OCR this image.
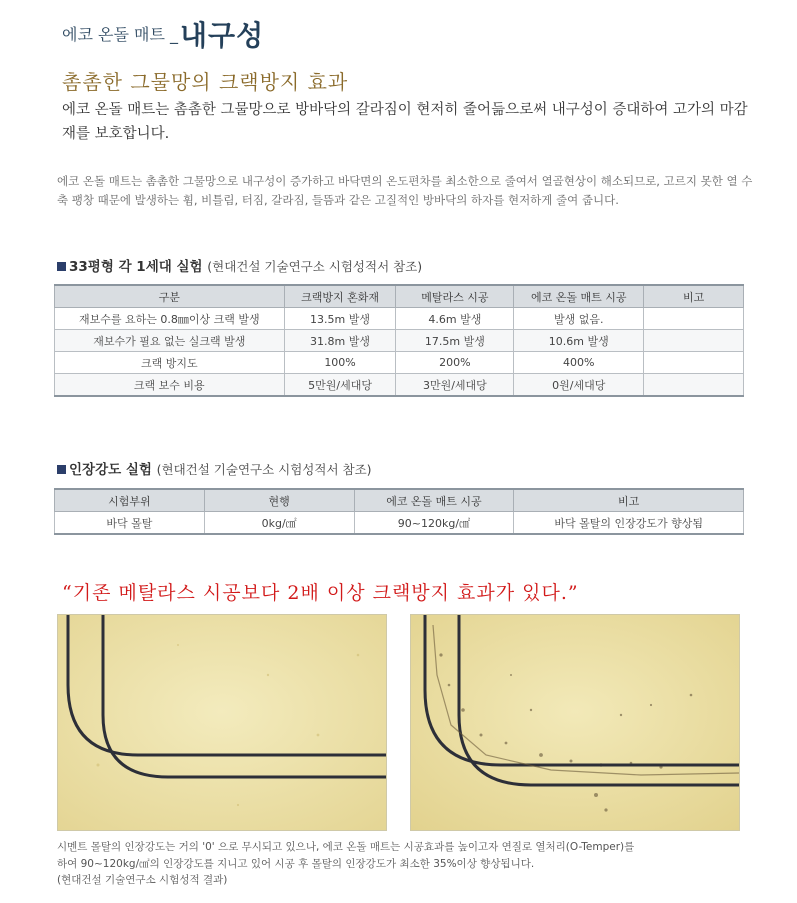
에코 온돌 매트 _ 내구성
촘촘한 그물망의 크랙방지 효과
에코 온돌 매트는 촘촘한 그물망으로 방바닥의 갈라짐이 현저히 줄어듦으로써 내구성이 증대하여 고가의 마감재를 보호합니다.
에코 온돌 매트는 촘촘한 그물망으로 내구성이 증가하고 바닥면의 온도편차를 최소한으로 줄여서 열골현상이 해소되므로, 고르지 못한 열 수축 팽창 때문에 발생하는 휨, 비틀림, 터짐, 갈라짐, 들뜸과 같은 고질적인 방바닥의 하자를 현저하게 줄여 줍니다.
33평형 각 1세대 실험 (현대건설 기술연구소 시험성적서 참조)
구분	크랙방지 혼화재	메탈라스 시공	에코 온돌 매트 시공	비고
재보수를 요하는 0.8㎜이상 크랙 발생	13.5m 발생	4.6m 발생	발생 없음.	
재보수가 필요 없는 실크랙 발생	31.8m 발생	17.5m 발생	10.6m 발생	
크랙 방지도	100%	200%	400%	
크랙 보수 비용	5만원/세대당	3만원/세대당	0원/세대당	
인장강도 실험 (현대건설 기술연구소 시험성적서 참조)
시험부위	현행	에코 온돌 매트 시공	비고
바닥 몰탈	0kg/㎠	90~120kg/㎠	바닥 몰탈의 인장강도가 향상됨
“기존 메탈라스 시공보다 2배 이상 크랙방지 효과가 있다.”
시멘트 몰탈의 인장강도는 거의 '0' 으로 무시되고 있으나, 에코 온돌 매트는 시공효과를 높이고자 연질로 열처리(O-Temper)를
하여 90~120kg/㎠의 인장강도를 지니고 있어 시공 후 몰탈의 인장강도가 최소한 35%이상 향상됩니다.
(현대건설 기술연구소 시험성적 결과)
